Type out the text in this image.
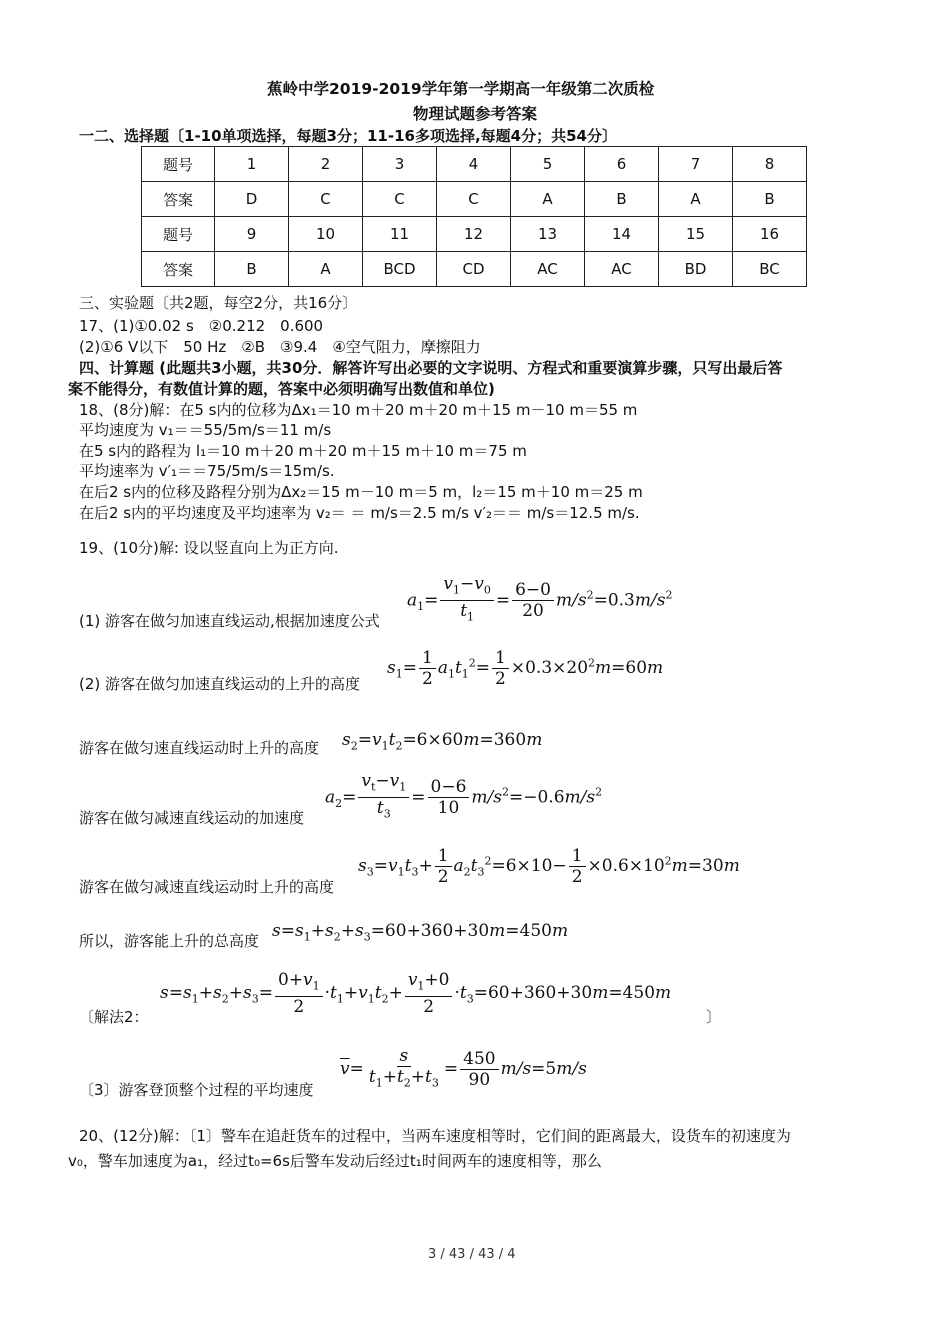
蕉岭中学2019-2019学年第一学期高一年级第二次质检
物理试题参考答案
一二、选择题〔1-10单项选择，每题3分；11-16多项选择,每题4分；共54分〕
题号	1	2	3	4	5	6	7	8
答案	D	C	C	C	A	B	A	B
题号	9	10	11	12	13	14	15	16
答案	B	A	BCD	CD	AC	AC	BD	BC
三、实验题〔共2题，每空2分，共16分〕
17、(1)①0.02 s　②0.212　0.600
(2)①6 V以下　50 Hz　②B　③9.4　④空气阻力，摩擦阻力
四、计算题 (此题共3小题，共30分．解答许写出必要的文字说明、方程式和重要演算步骤，只写出最后答
案不能得分，有数值计算的题，答案中必须明确写出数值和单位)
18、(8分)解：在5 s内的位移为Δx₁＝10 m＋20 m＋20 m＋15 m－10 m＝55 m
平均速度为 v₁＝＝55/5m/s＝11 m/s
在5 s内的路程为 l₁＝10 m＋20 m＋20 m＋15 m＋10 m＝75 m
平均速率为 v′₁＝＝75/5m/s＝15m/s.
在后2 s内的位移及路程分别为Δx₂＝15 m－10 m＝5 m，l₂＝15 m＋10 m＝25 m
在后2 s内的平均速度及平均速率为 v₂＝ ＝ m/s＝2.5 m/s v′₂＝＝ m/s＝12.5 m/s.
19、(10分)解: 设以竖直向上为正方向.
(1) 游客在做匀加速直线运动,根据加速度公式
$a_1= \frac{v_1-v_0}{t_1} = \frac{6-0}{20} m/s^2=0.3m/s^2$
(2) 游客在做匀加速直线运动的上升的高度
$s_1= \frac{1}{2} a_1t_1^2= \frac{1}{2} \times 0.3\times 20^2m=60m$
游客在做匀速直线运动时上升的高度 $s_2=v_1t_2=6\times 60m=360m$
游客在做匀减速直线运动的加速度
$a_2= \frac{v_t-v_1}{t_3} = \frac{0-6}{10} m/s^2=-0.6m/s^2$
游客在做匀减速直线运动时上升的高度
$s_3=v_1t_3+ \frac{1}{2} a_2t_3^2=6\times 10- \frac{1}{2} \times 0.6\times 10^2m=30m$
所以，游客能上升的总高度 $s=s_1+s_2+s_3=60+360+30m=450m$
〔解法2：
$s=s_1+s_2+s_3= \frac{0+v_1}{2} \cdot t_1+v_1t_2+ \frac{v_1+0}{2} \cdot t_3=60+360+30m=450m$
〕
〔3〕游客登顶整个过程的平均速度
$\overline{v}= \frac{s}{t_1+t_2+t_3} = \frac{450}{90} m/s=5m/s$
20、(12分)解：〔1〕警车在追赶货车的过程中，当两车速度相等时，它们间的距离最大，设货车的初速度为
v₀，警车加速度为a₁，经过t₀=6s后警车发动后经过t₁时间两车的速度相等，那么
3 / 43 / 43 / 4
